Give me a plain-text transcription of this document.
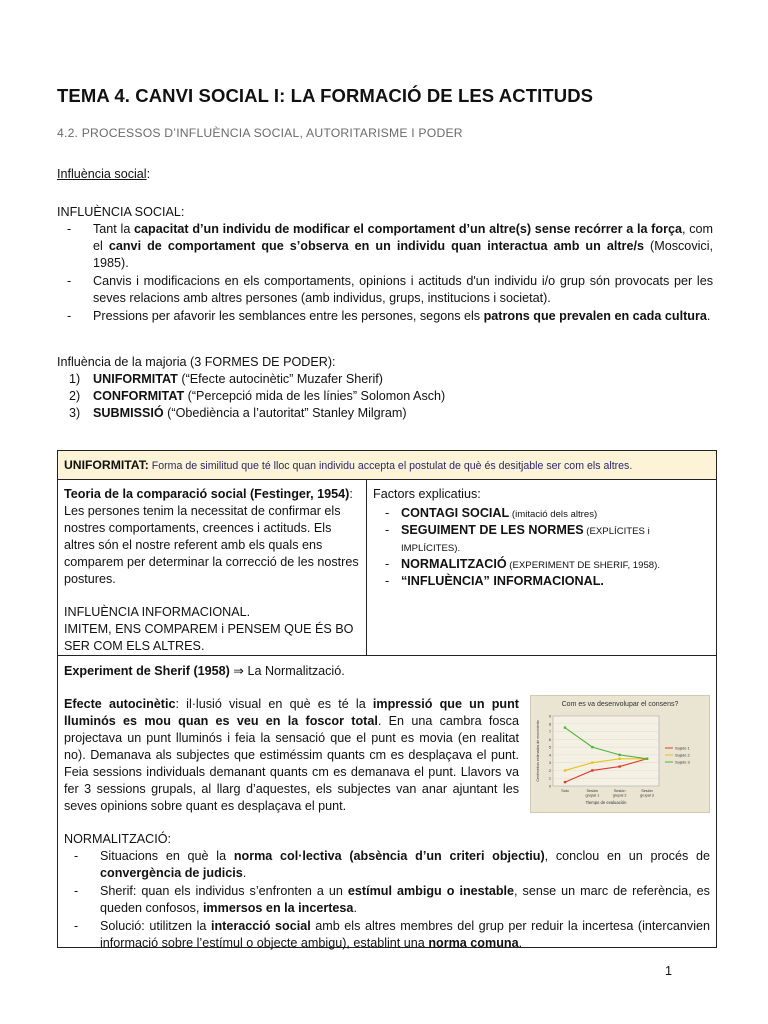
TEMA 4. CANVI SOCIAL I: LA FORMACIÓ DE LES ACTITUDS
4.2. PROCESSOS D’INFLUÈNCIA SOCIAL, AUTORITARISME I PODER
Influència social:
INFLUÈNCIA SOCIAL:
- Tant la capacitat d’un individu de modificar el comportament d’un altre(s) sense recórrer a la força, com el canvi de comportament que s’observa en un individu quan interactua amb un altre/s (Moscovici, 1985).
- Canvis i modificacions en els comportaments, opinions i actituds d'un individu i/o grup són provocats per les seves relacions amb altres persones (amb individus, grups, institucions i societat).
- Pressions per afavorir les semblances entre les persones, segons els patrons que prevalen en cada cultura.
Influència de la majoria (3 FORMES DE PODER):
1) UNIFORMITAT (“Efecte autocinètic” Muzafer Sherif)
2) CONFORMITAT (“Percepció mida de les línies” Solomon Asch)
3) SUBMISSIÓ (“Obediència a l’autoritat” Stanley Milgram)
UNIFORMITAT: Forma de similitud que té lloc quan individu accepta el postulat de què és desitjable ser com els altres.
Teoria de la comparació social (Festinger, 1954):
Les persones tenim la necessitat de confirmar els nostres comportaments, creences i actituds. Els altres són el nostre referent amb els quals ens comparem per determinar la correcció de les nostres postures.
INFLUÈNCIA INFORMACIONAL.
IMITEM, ENS COMPAREM i PENSEM QUE ÉS BO SER COM ELS ALTRES.
Factors explicatius:
- CONTAGI SOCIAL (imitació dels altres)
- SEGUIMENT DE LES NORMES (EXPLÍCITES i IMPLÍCITES).
- NORMALITZACIÓ (EXPERIMENT DE SHERIF, 1958).
- “INFLUÈNCIA” INFORMACIONAL.
Experiment de Sherif (1958) ⇒ La Normalització.
Efecte autocinètic: il·lusió visual en què es té la impressió que un punt lluminós es mou quan es veu en la foscor total. En una cambra fosca projectava un punt lluminós i feia la sensació que el punt es movia (en realitat no). Demanava als subjectes que estiméssim quants cm es desplaçava el punt. Feia sessions individuals demanant quants cm es demanava el punt. Llavors va fer 3 sessions grupals, al llarg d’aquestes, els subjectes van anar ajuntant les seves opinions sobre quant es desplaçava el punt.
NORMALITZACIÓ:
- Situacions en què la norma col·lectiva (absència d’un criteri objectiu), conclou en un procés de convergència de judicis.
- Sherif: quan els individus s’enfronten a un estímul ambigu o inestable, sense un marc de referència, es queden confosos, immersos en la incertesa.
- Solució: utilitzen la interacció social amb els altres membres del grup per reduir la incertesa (intercanvien informació sobre l’estímul o objecte ambigu), establint una norma comuna.
Com es va desenvolupar el consens?
0
1
2
3
4
5
6
7
8
9
Solo	Sesión
grupal 1
Sesión
grupal 2
Sesión
grupal 3
Tiempo de evaluación
Centímetros estimados de movimiento	Sujeto 1
Sujeto 2
Sujeto 3
1
